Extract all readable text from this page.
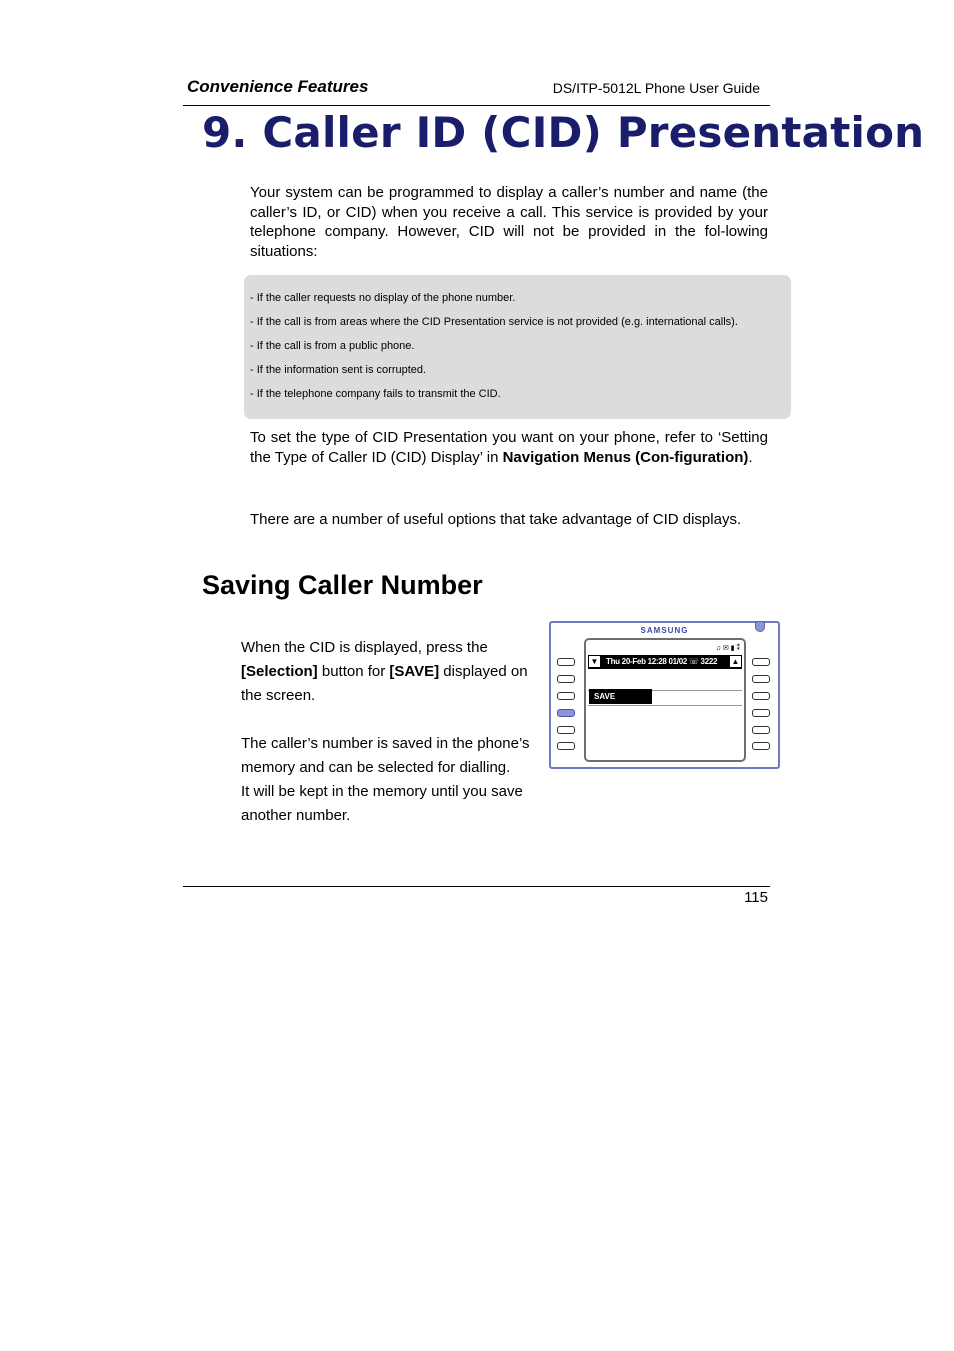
Convenience Features	DS/ITP-5012L Phone User Guide
9. Caller ID (CID) Presentation
Your system can be programmed to display a caller’s number and name (the caller’s ID, or CID) when you receive a call. This service is provided by your telephone company. However, CID will not be provided in the fol-lowing situations:
- If the caller requests no display of the phone number.
- If the call is from areas where the CID Presentation service is not provided (e.g. international calls).
- If the call is from a public phone.
- If the information sent is corrupted.
- If the telephone company fails to transmit the CID.
To set the type of CID Presentation you want on your phone, refer to ‘Setting the Type of Caller ID (CID) Display’ in Navigation Menus (Con-figuration).
There are a number of useful options that take advantage of CID displays.
Saving Caller Number
When the CID is displayed, press the [Selection] button for [SAVE] displayed on the screen.
The caller’s number is saved in the phone’s memory and can be selected for dialling.
It will be kept in the memory until you save another number.
SAMSUNG
♫ ✉ ▮ ⁑
▼ Thu 20-Feb 12:28 01/02 ☏ 3222 ▲
SAVE
115
